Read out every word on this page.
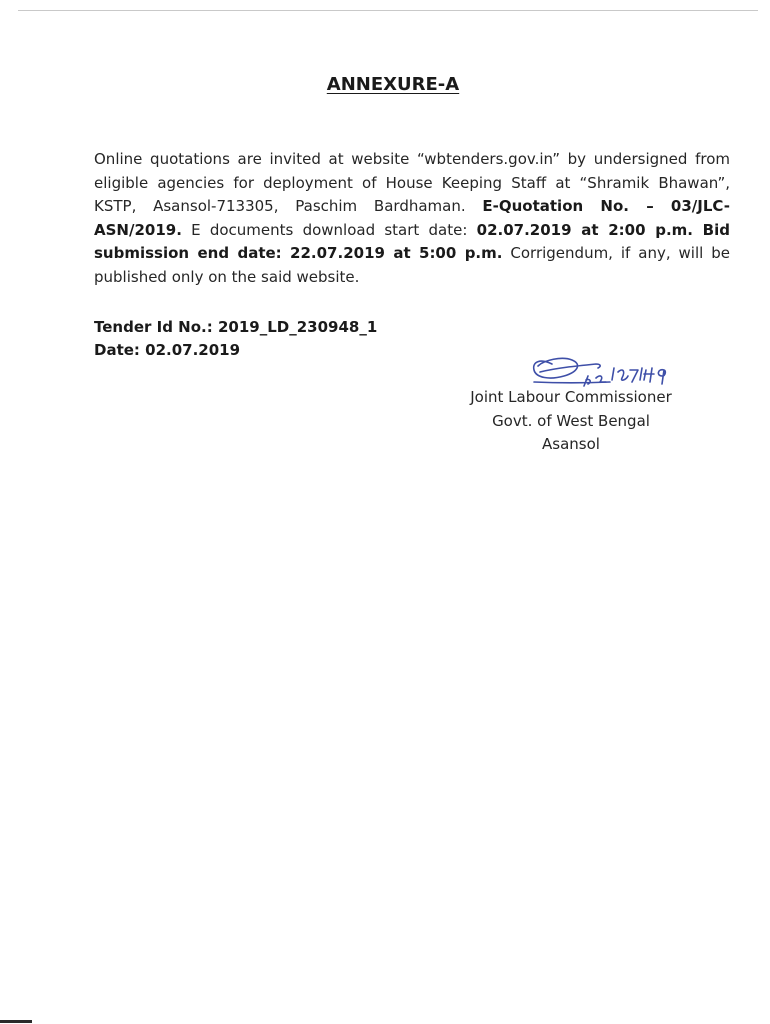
ANNEXURE-A

Online quotations are invited at website “wbtenders.gov.in” by undersigned from eligible agencies for deployment of House Keeping Staff at “Shramik Bhawan”, KSTP, Asansol-713305, Paschim Bardhaman. E-Quotation No. – 03/JLC-ASN/2019. E documents download start date: 02.07.2019 at 2:00 p.m. Bid submission end date: 22.07.2019 at 5:00 p.m. Corrigendum, if any, will be published only on the said website.

Tender Id No.: 2019_LD_230948_1
Date: 02.07.2019
Joint Labour Commissioner
Govt. of West Bengal
Asansol
